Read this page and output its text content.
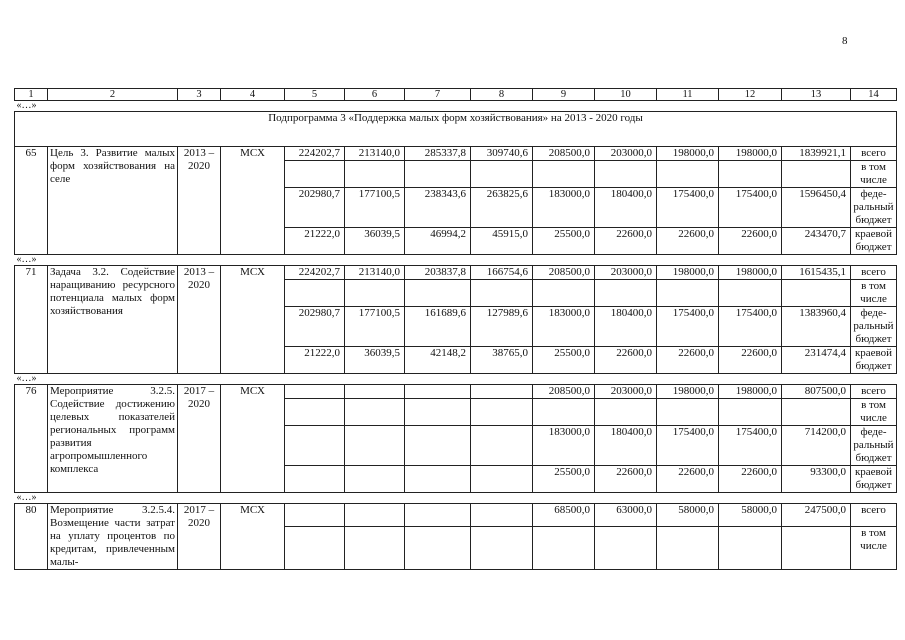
8
1	2	3	4	5	6	7	8	9	10	11	12	13	14
«…»													
Подпрограмма 3 «Поддержка малых форм хозяйствования» на 2013 - 2020 годы													
65	Цель 3. Развитие малых форм хозяйствования на селе	2013 – 2020	МСХ	224202,7	213140,0	285337,8	309740,6	208500,0	203000,0	198000,0	198000,0	1839921,1	всего
													в том числе
				202980,7	177100,5	238343,6	263825,6	183000,0	180400,0	175400,0	175400,0	1596450,4	феде-ральный бюджет
				21222,0	36039,5	46994,2	45915,0	25500,0	22600,0	22600,0	22600,0	243470,7	краевой бюджет
«…»													
71	Задача 3.2. Содействие наращиванию ресурсного потенциала малых форм хозяйствования	2013 – 2020	МСХ	224202,7	213140,0	203837,8	166754,6	208500,0	203000,0	198000,0	198000,0	1615435,1	всего
													в том числе
				202980,7	177100,5	161689,6	127989,6	183000,0	180400,0	175400,0	175400,0	1383960,4	феде-ральный бюджет
				21222,0	36039,5	42148,2	38765,0	25500,0	22600,0	22600,0	22600,0	231474,4	краевой бюджет
«…»													
76	Мероприятие 3.2.5. Содействие достижению целевых показателей региональных программ развития агропромышленного комплекса	2017 – 2020	МСХ					208500,0	203000,0	198000,0	198000,0	807500,0	всего
													в том числе
								183000,0	180400,0	175400,0	175400,0	714200,0	феде-ральный бюджет
								25500,0	22600,0	22600,0	22600,0	93300,0	краевой бюджет
«…»													
80	Мероприятие 3.2.5.4. Возмещение части затрат на уплату процентов по кредитам, привлеченным малы-	2017 – 2020	МСХ					68500,0	63000,0	58000,0	58000,0	247500,0	всего
													в том числе
